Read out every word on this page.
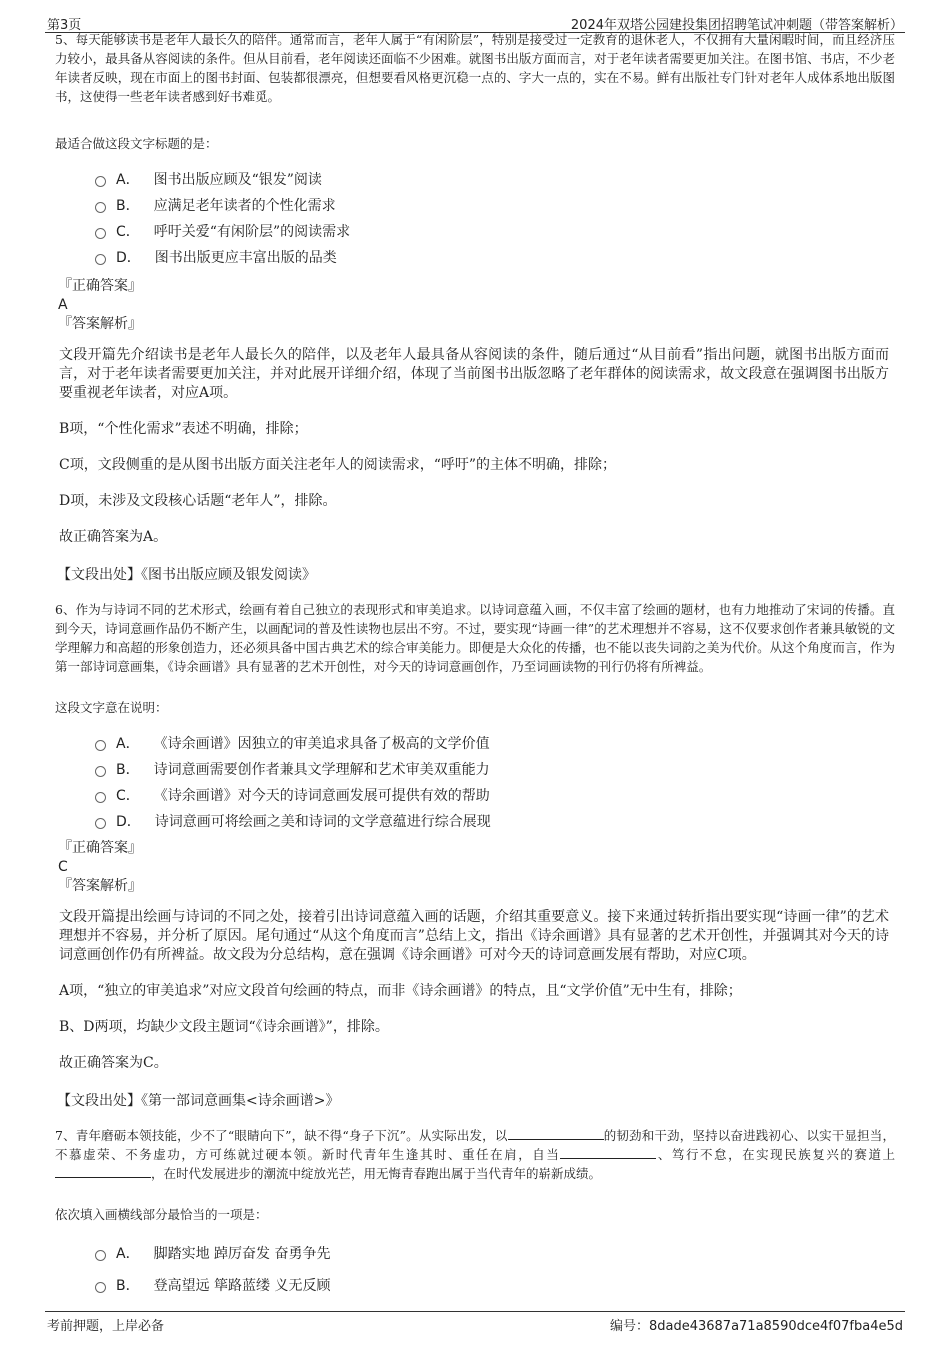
第3页	2024年双塔公园建投集团招聘笔试冲刺题（带答案解析）
5、每天能够读书是老年人最长久的陪伴。通常而言，老年人属于“有闲阶层”，特别是接受过一定教育的退休老人，不仅拥有大量闲暇时间，而且经济压力较小，最具备从容阅读的条件。但从目前看，老年阅读还面临不少困难。就图书出版方面而言，对于老年读者需要更加关注。在图书馆、书店，不少老年读者反映，现在市面上的图书封面、包装都很漂亮，但想要看风格更沉稳一点的、字大一点的，实在不易。鲜有出版社专门针对老年人成体系地出版图书，这使得一些老年读者感到好书难觅。
最适合做这段文字标题的是：
A． 图书出版应顾及“银发”阅读
B． 应满足老年读者的个性化需求
C． 呼吁关爱“有闲阶层”的阅读需求
D． 图书出版更应丰富出版的品类
『正确答案』
A
『答案解析』

文段开篇先介绍读书是老年人最长久的陪伴，以及老年人最具备从容阅读的条件，随后通过“从目前看”指出问题，就图书出版方面而言，对于老年读者需要更加关注，并对此展开详细介绍，体现了当前图书出版忽略了老年群体的阅读需求，故文段意在强调图书出版方要重视老年读者，对应A项。

B项，“个性化需求”表述不明确，排除；

C项，文段侧重的是从图书出版方面关注老年人的阅读需求，“呼吁”的主体不明确，排除；

D项，未涉及文段核心话题“老年人”，排除。

故正确答案为A。

【文段出处】《图书出版应顾及银发阅读》
6、作为与诗词不同的艺术形式，绘画有着自己独立的表现形式和审美追求。以诗词意蕴入画，不仅丰富了绘画的题材，也有力地推动了宋词的传播。直到今天，诗词意画作品仍不断产生，以画配词的普及性读物也层出不穷。不过，要实现“诗画一律”的艺术理想并不容易，这不仅要求创作者兼具敏锐的文学理解力和高超的形象创造力，还必须具备中国古典艺术的综合审美能力。即便是大众化的传播，也不能以丧失词韵之美为代价。从这个角度而言，作为第一部诗词意画集，《诗余画谱》具有显著的艺术开创性，对今天的诗词意画创作，乃至词画读物的刊行仍将有所裨益。
这段文字意在说明：
A． 《诗余画谱》因独立的审美追求具备了极高的文学价值
B． 诗词意画需要创作者兼具文学理解和艺术审美双重能力
C． 《诗余画谱》对今天的诗词意画发展可提供有效的帮助
D． 诗词意画可将绘画之美和诗词的文学意蕴进行综合展现
『正确答案』
C
『答案解析』

文段开篇提出绘画与诗词的不同之处，接着引出诗词意蕴入画的话题，介绍其重要意义。接下来通过转折指出要实现“诗画一律”的艺术理想并不容易，并分析了原因。尾句通过“从这个角度而言”总结上文，指出《诗余画谱》具有显著的艺术开创性，并强调其对今天的诗词意画创作仍有所裨益。故文段为分总结构，意在强调《诗余画谱》可对今天的诗词意画发展有帮助，对应C项。

A项，“独立的审美追求”对应文段首句绘画的特点，而非《诗余画谱》的特点，且“文学价值”无中生有，排除；

B、D两项，均缺少文段主题词“《诗余画谱》”，排除。

故正确答案为C。

【文段出处】《第一部词意画集<诗余画谱>》
7、青年磨砺本领技能，少不了“眼睛向下”，缺不得“身子下沉”。从实际出发，以	的韧劲和干劲，坚持以奋进践初心、以实干显担当，不慕虚荣、不务虚功，方可练就过硬本领。新时代青年生逢其时、重任在肩，自当	、笃行不怠，在实现民族复兴的赛道上，在时代发展进步的潮流中绽放光芒，用无悔青春跑出属于当代青年的崭新成绩。
依次填入画横线部分最恰当的一项是：
A． 脚踏实地 踔厉奋发 奋勇争先
B． 登高望远 筚路蓝缕 义无反顾
考前押题，上岸必备	编号：8dade43687a71a8590dce4f07fba4e5d
